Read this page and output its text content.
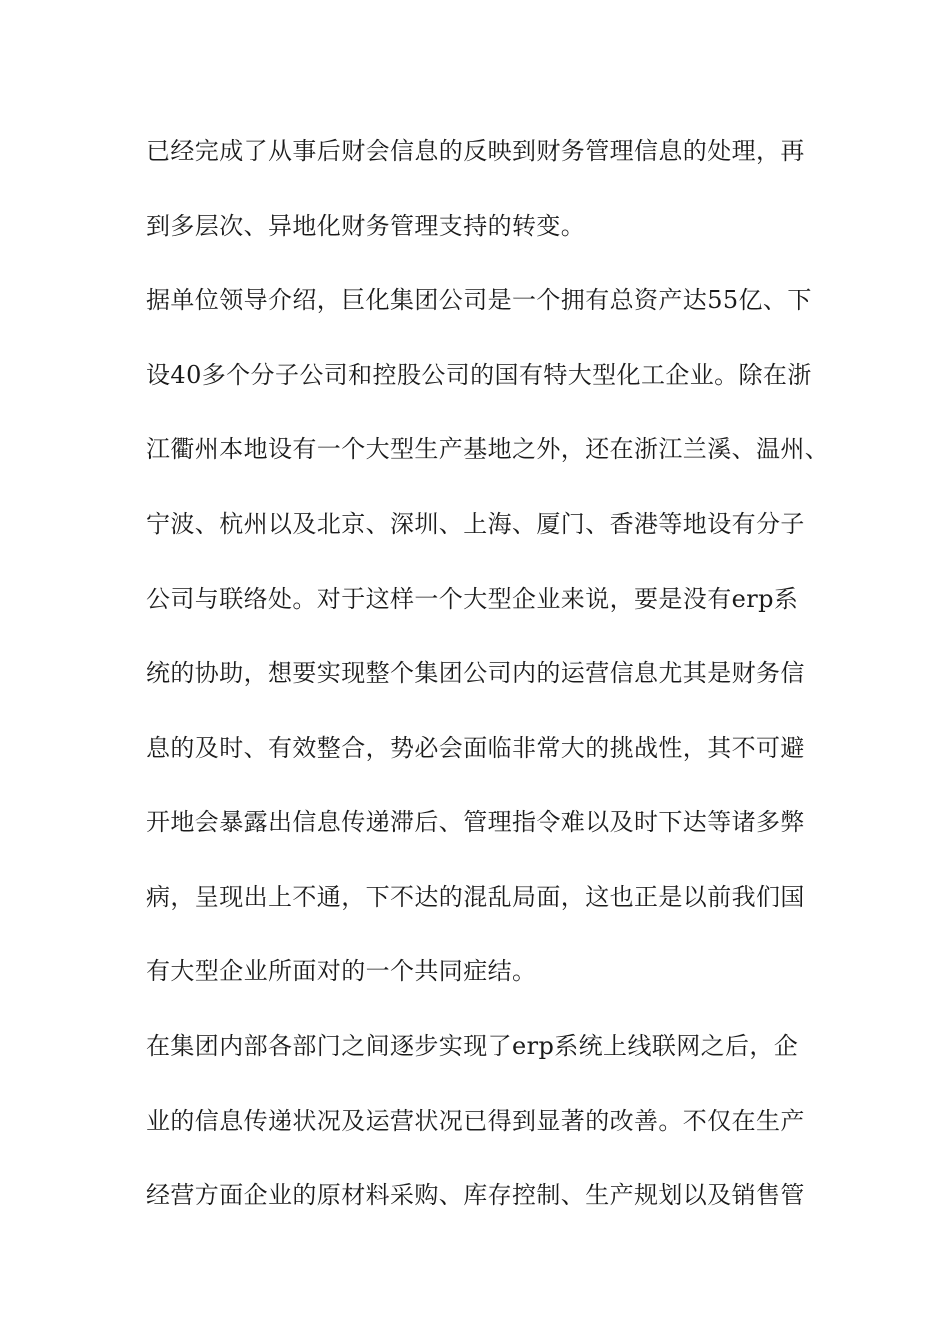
已经完成了从事后财会信息的反映到财务管理信息的处理，再
到多层次、异地化财务管理支持的转变。
据单位领导介绍，巨化集团公司是一个拥有总资产达55亿、下
设40多个分子公司和控股公司的国有特大型化工企业。除在浙
江衢州本地设有一个大型生产基地之外，还在浙江兰溪、温州、
宁波、杭州以及北京、深圳、上海、厦门、香港等地设有分子
公司与联络处。对于这样一个大型企业来说，要是没有erp系
统的协助，想要实现整个集团公司内的运营信息尤其是财务信
息的及时、有效整合，势必会面临非常大的挑战性，其不可避
开地会暴露出信息传递滞后、管理指令难以及时下达等诸多弊
病，呈现出上不通，下不达的混乱局面，这也正是以前我们国
有大型企业所面对的一个共同症结。
在集团内部各部门之间逐步实现了erp系统上线联网之后，企
业的信息传递状况及运营状况已得到显著的改善。不仅在生产
经营方面企业的原材料采购、库存控制、生产规划以及销售管
